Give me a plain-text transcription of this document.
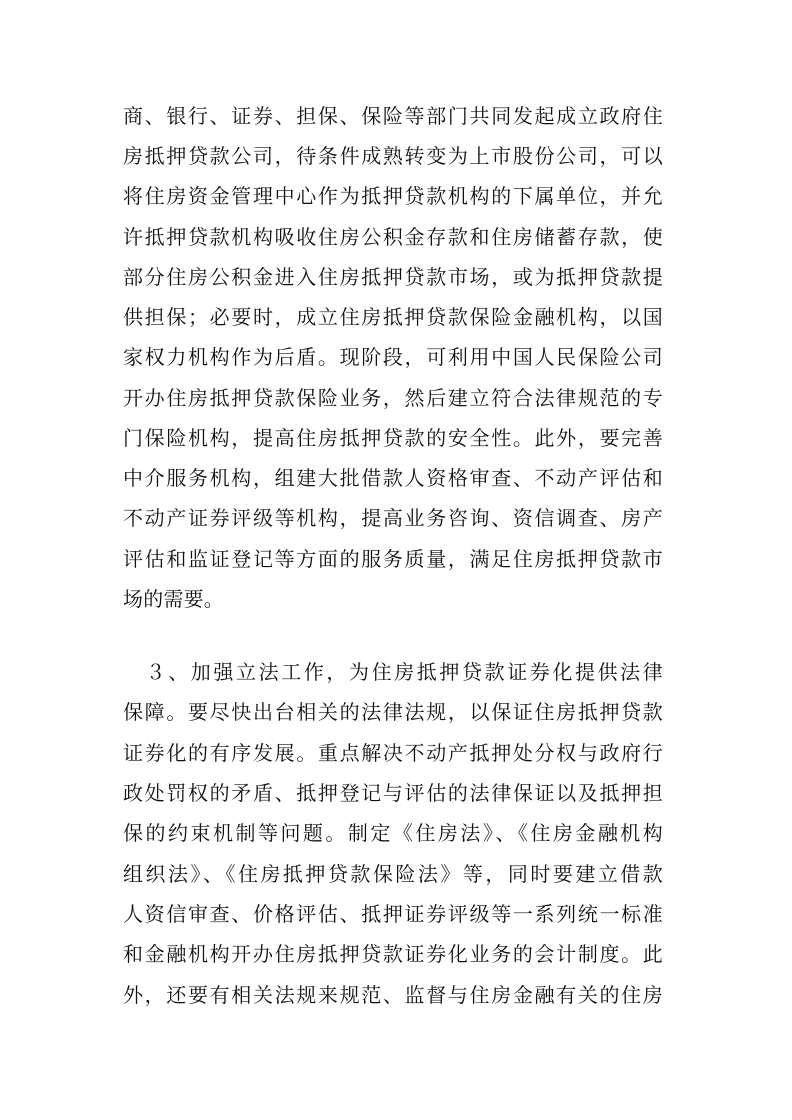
商、银行、证券、担保、保险等部门共同发起成立政府住
房抵押贷款公司，待条件成熟转变为上市股份公司，可以
将住房资金管理中心作为抵押贷款机构的下属单位，并允
许抵押贷款机构吸收住房公积金存款和住房储蓄存款，使
部分住房公积金进入住房抵押贷款市场，或为抵押贷款提
供担保；必要时，成立住房抵押贷款保险金融机构，以国
家权力机构作为后盾。现阶段，可利用中国人民保险公司
开办住房抵押贷款保险业务，然后建立符合法律规范的专
门保险机构，提高住房抵押贷款的安全性。此外，要完善
中介服务机构，组建大批借款人资格审查、不动产评估和
不动产证券评级等机构，提高业务咨询、资信调查、房产
评估和监证登记等方面的服务质量，满足住房抵押贷款市
场的需要。
　３、加强立法工作，为住房抵押贷款证券化提供法律
保障。要尽快出台相关的法律法规，以保证住房抵押贷款
证券化的有序发展。重点解决不动产抵押处分权与政府行
政处罚权的矛盾、抵押登记与评估的法律保证以及抵押担
保的约束机制等问题。制定《住房法》、《住房金融机构
组织法》、《住房抵押贷款保险法》等，同时要建立借款
人资信审查、价格评估、抵押证券评级等一系列统一标准
和金融机构开办住房抵押贷款证券化业务的会计制度。此
外，还要有相关法规来规范、监督与住房金融有关的住房
